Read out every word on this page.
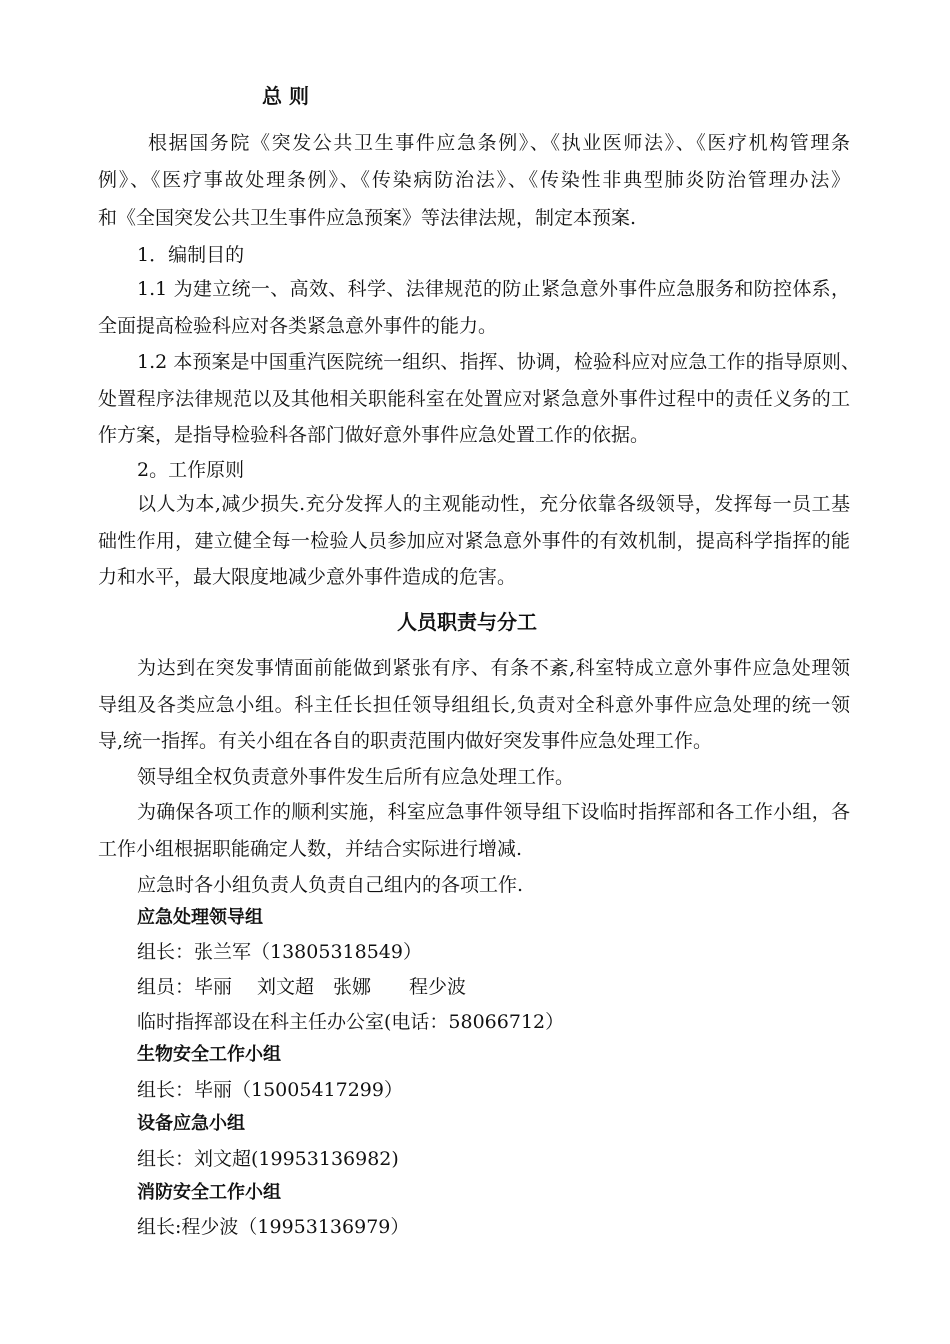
总 则
根据国务院《突发公共卫生事件应急条例》、《执业医师法》、《医疗机构管理条
例》、《医疗事故处理条例》、《传染病防治法》、《传染性非典型肺炎防治管理办法》
和《全国突发公共卫生事件应急预案》等法律法规，制定本预案.
1．编制目的
1.1 为建立统一、高效、科学、法律规范的防止紧急意外事件应急服务和防控体系，
全面提高检验科应对各类紧急意外事件的能力。
1.2 本预案是中国重汽医院统一组织、指挥、协调，检验科应对应急工作的指导原则、
处置程序法律规范以及其他相关职能科室在处置应对紧急意外事件过程中的责任义务的工
作方案，是指导检验科各部门做好意外事件应急处置工作的依据。
2。工作原则
以人为本,减少损失.充分发挥人的主观能动性，充分依靠各级领导，发挥每一员工基
础性作用，建立健全每一检验人员参加应对紧急意外事件的有效机制，提高科学指挥的能
力和水平，最大限度地减少意外事件造成的危害。
人员职责与分工
为达到在突发事情面前能做到紧张有序、有条不紊,科室特成立意外事件应急处理领
导组及各类应急小组。科主任长担任领导组组长,负责对全科意外事件应急处理的统一领
导,统一指挥。有关小组在各自的职责范围内做好突发事件应急处理工作。
领导组全权负责意外事件发生后所有应急处理工作。
为确保各项工作的顺利实施，科室应急事件领导组下设临时指挥部和各工作小组，各
工作小组根据职能确定人数，并结合实际进行增减.
应急时各小组负责人负责自己组内的各项工作.
应急处理领导组
组长：张兰军（13805318549）
组员：毕丽　 刘文超　张娜　　程少波
临时指挥部设在科主任办公室(电话：58066712）
生物安全工作小组
组长：毕丽（15005417299）
设备应急小组
组长：刘文超(19953136982)
消防安全工作小组
组长:程少波（19953136979）
